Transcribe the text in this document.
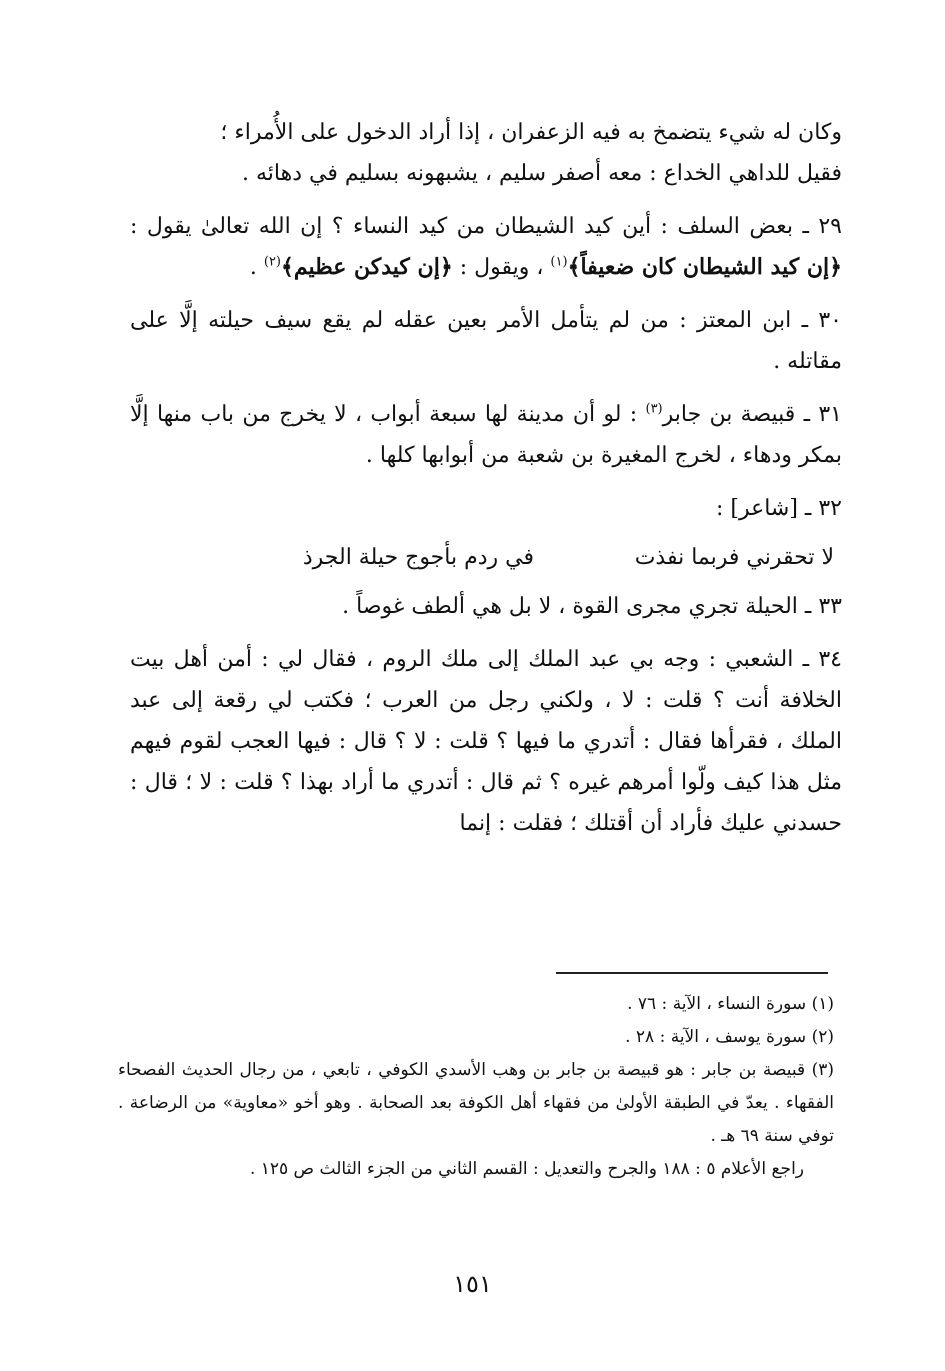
وكان له شيء يتضمخ به فيه الزعفران ، إذا أراد الدخول على الأُمراء ؛
فقيل للداهي الخداع : معه أصفر سليم ، يشبهونه بسليم في دهائه .

٢٩ ـ بعض السلف : أين كيد الشيطان من كيد النساء ؟ إن الله تعالىٰ يقول : ﴿إن كيد الشيطان كان ضعيفاً﴾$^{(١)}$ ، ويقول : ﴿إن كيدكن عظيم﴾$^{(٢)}$ .

٣٠ ـ ابن المعتز : من لم يتأمل الأمر بعين عقله لم يقع سيف حيلته إلَّا على مقاتله .

٣١ ـ قبيصة بن جابر$^{(٣)}$ : لو أن مدينة لها سبعة أبواب ، لا يخرج من باب منها إلَّا بمكر ودهاء ، لخرج المغيرة بن شعبة من أبوابها كلها .

٣٢ ـ [شاعر] :

لا تحقرني فربما نفذت
في ردم بأجوج حيلة الجرذ

٣٣ ـ الحيلة تجري مجرى القوة ، لا بل هي ألطف غوصاً .

٣٤ ـ الشعبي : وجه بي عبد الملك إلى ملك الروم ، فقال لي : أمن أهل بيت الخلافة أنت ؟ قلت : لا ، ولكني رجل من العرب ؛ فكتب لي رقعة إلى عبد الملك ، فقرأها فقال : أتدري ما فيها ؟ قلت : لا ؟ قال : فيها العجب لقوم فيهم مثل هذا كيف ولّوا أمرهم غيره ؟ ثم قال : أتدري ما أراد بهذا ؟ قلت : لا ؛ قال : حسدني عليك فأراد أن أقتلك ؛ فقلت : إنما

(١) سورة النساء ، الآية : ٧٦ .

(٢) سورة يوسف ، الآية : ٢٨ .

(٣) قبيصة بن جابر : هو قبيصة بن جابر بن وهب الأسدي الكوفي ، تابعي ، من رجال الحديث الفصحاء الفقهاء . يعدّ في الطبقة الأولىٰ من فقهاء أهل الكوفة بعد الصحابة . وهو أخو «معاوية» من الرضاعة . توفي سنة ٦٩ هـ .

راجع الأعلام ٥ : ١٨٨ والجرح والتعديل : القسم الثاني من الجزء الثالث ص ١٢٥ .

١٥١
